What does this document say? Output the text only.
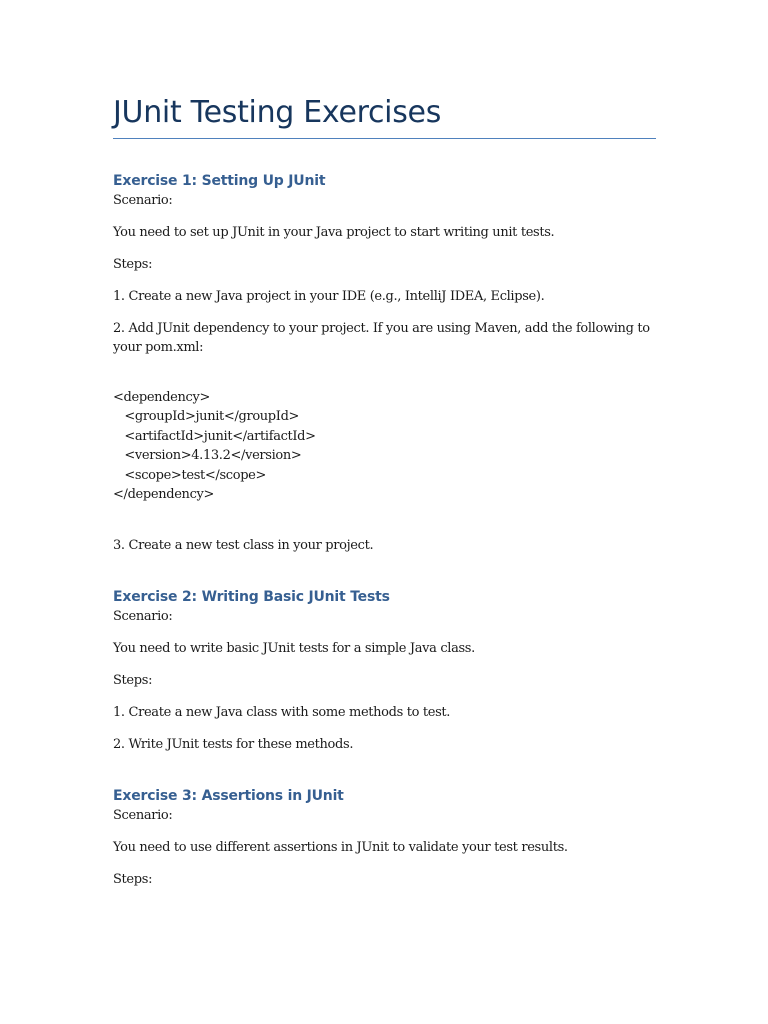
JUnit Testing Exercises
Exercise 1: Setting Up JUnit

Scenario:

You need to set up JUnit in your Java project to start writing unit tests.

Steps:

1. Create a new Java project in your IDE (e.g., IntelliJ IDEA, Eclipse).

2. Add JUnit dependency to your project. If you are using Maven, add the following to your pom.xml:

<dependency>
<groupId>junit</groupId>
<artifactId>junit</artifactId>
<version>4.13.2</version>
<scope>test</scope>
</dependency>

3. Create a new test class in your project.

Exercise 2: Writing Basic JUnit Tests

Scenario:

You need to write basic JUnit tests for a simple Java class.

Steps:

1. Create a new Java class with some methods to test.

2. Write JUnit tests for these methods.

Exercise 3: Assertions in JUnit

Scenario:

You need to use different assertions in JUnit to validate your test results.

Steps:
